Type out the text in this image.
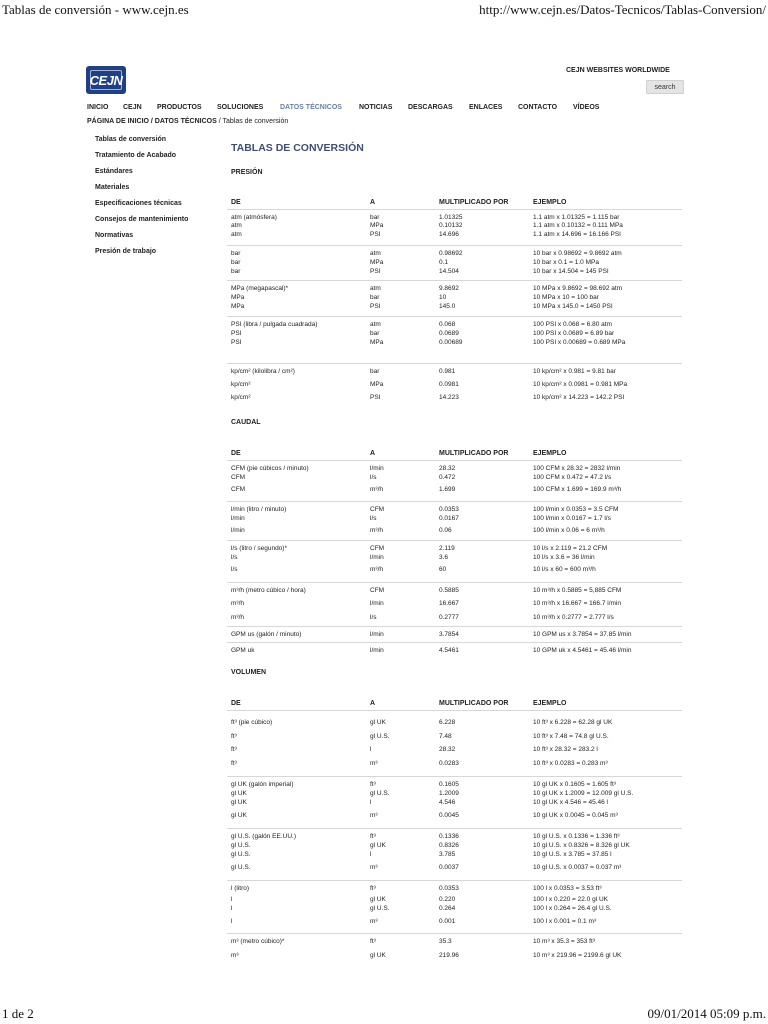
Tablas de conversión - www.cejn.es	http://www.cejn.es/Datos-Tecnicos/Tablas-Conversion/
CEJN
CEJN WEBSITES WORLDWIDE
search
INICIO CEJN PRODUCTOS SOLUCIONES DATOS TÉCNICOS NOTICIAS DESCARGAS ENLACES CONTACTO VÍDEOS
PÁGINA DE INICIO / DATOS TÉCNICOS / Tablas de conversión
Tablas de conversión
Tratamiento de Acabado
Estándares
Materiales
Especificaciones técnicas
Consejos de mantenimiento
Normativas
Presión de trabajo
TABLAS DE CONVERSIÓN
PRESIÓN
DE	A	MULTIPLICADO POR	EJEMPLO
atm (atmósfera)	bar	1.01325	1.1 atm x 1.01325 = 1.115 bar
atm	MPa	0.10132	1.1 atm x 0.10132 = 0.111 MPa
atm	PSI	14.696	1.1 atm x 14.696 = 16.166 PSI
bar	atm	0.98692	10 bar x 0.98692 = 9.8692 atm
bar	MPa	0.1	10 bar x 0.1 = 1.0 MPa
bar	PSI	14.504	10 bar x 14.504 = 145 PSI
MPa (megapascal)*	atm	9.8692	10 MPa x 9.8692 = 98.692 atm
MPa	bar	10	10 MPa x 10 = 100 bar
MPa	PSI	145.0	10 MPa x 145.0 = 1450 PSI
PSI (libra / pulgada cuadrada)	atm	0.068	100 PSI x 0.068 = 6.80 atm
PSI	bar	0.0689	100 PSI x 0.0689 = 6.89 bar
PSI	MPa	0.00689	100 PSI x 0.00689 = 0.689 MPa
kp/cm² (kilolibra / cm²)	bar	0.981	10 kp/cm² x 0.981 = 9.81 bar
kp/cm²	MPa	0.0981	10 kp/cm² x 0.0981 = 0.981 MPa
kp/cm²	PSI	14.223	10 kp/cm² x 14.223 = 142.2 PSI
CAUDAL
DE	A	MULTIPLICADO POR	EJEMPLO
CFM (pie cúbicos / minuto)	l/min	28.32	100 CFM x 28.32 = 2832 l/min
CFM	l/s	0.472	100 CFM x 0.472 = 47.2 l/s
CFM	m³/h	1.699	100 CFM x 1.699 = 169.9 m³/h
l/min (litro / minuto)	CFM	0.0353	100 l/min x 0.0353 = 3.5 CFM
l/min	l/s	0.0167	100 l/min x 0.0167 = 1.7 l/s
l/min	m³/h	0.06	100 l/min x 0.06 = 6 m³/h
l/s (litro / segundo)*	CFM	2.119	10 l/s x 2.119 = 21.2 CFM
l/s	l/min	3.6	10 l/s x 3.6 = 36 l/min
l/s	m³/h	60	10 l/s x 60 = 600 m³/h
m³/h (metro cúbico / hora)	CFM	0.5885	10 m³/h x 0.5885 = 5,885 CFM
m³/h	l/min	16.667	10 m³/h x 16.667 = 166.7 l/min
m³/h	l/s	0.2777	10 m³/h x 0.2777 = 2.777 l/s
GPM us (galón / minuto)	l/min	3.7854	10 GPM us x 3.7854 = 37.85 l/min
GPM uk	l/min	4.5461	10 GPM uk x 4.5461 = 45.46 l/min
VOLUMEN
DE	A	MULTIPLICADO POR	EJEMPLO
ft³ (pie cúbico)	gl UK	6.228	10 ft³ x 6.228 = 62.28 gl UK
ft³	gl U.S.	7.48	10 ft³ x 7.48 = 74.8 gl U.S.
ft³	l	28.32	10 ft³ x 28.32 = 283.2 l
ft³	m³	0.0283	10 ft³ x 0.0283 = 0.283 m³
gl UK (galón imperial)	ft³	0.1605	10 gl UK x 0.1605 = 1.605 ft³
gl UK	gl U.S.	1.2009	10 gl UK x 1.2009 = 12.009 gl U.S.
gl UK	l	4.546	10 gl UK x 4.546 = 45.46 l
gl UK	m³	0.0045	10 gl UK x 0.0045 = 0.045 m³
gl U.S. (galón EE.UU.)	ft³	0.1336	10 gl U.S. x 0.1336 = 1.336 ft³
gl U.S.	gl UK	0.8326	10 gl U.S. x 0.8326 = 8.326 gl UK
gl U.S.	l	3.785	10 gl U.S. x 3.785 = 37.85 l
gl U.S.	m³	0.0037	10 gl U.S. x 0.0037 = 0.037 m³
l (litro)	ft³	0.0353	100 l x 0.0353 = 3.53 ft³
l	gl UK	0.220	100 l x 0.220 = 22.0 gl UK
l	gl U.S.	0.264	100 l x 0.264 = 26.4 gl U.S.
l	m³	0.001	100 l x 0.001 = 0.1 m³
m³ (metro cúbico)*	ft³	35.3	10 m³ x 35.3 = 353 ft³
m³	gl UK	219.96	10 m³ x 219.96 = 2199.6 gl UK
1 de 2	09/01/2014 05:09 p.m.
